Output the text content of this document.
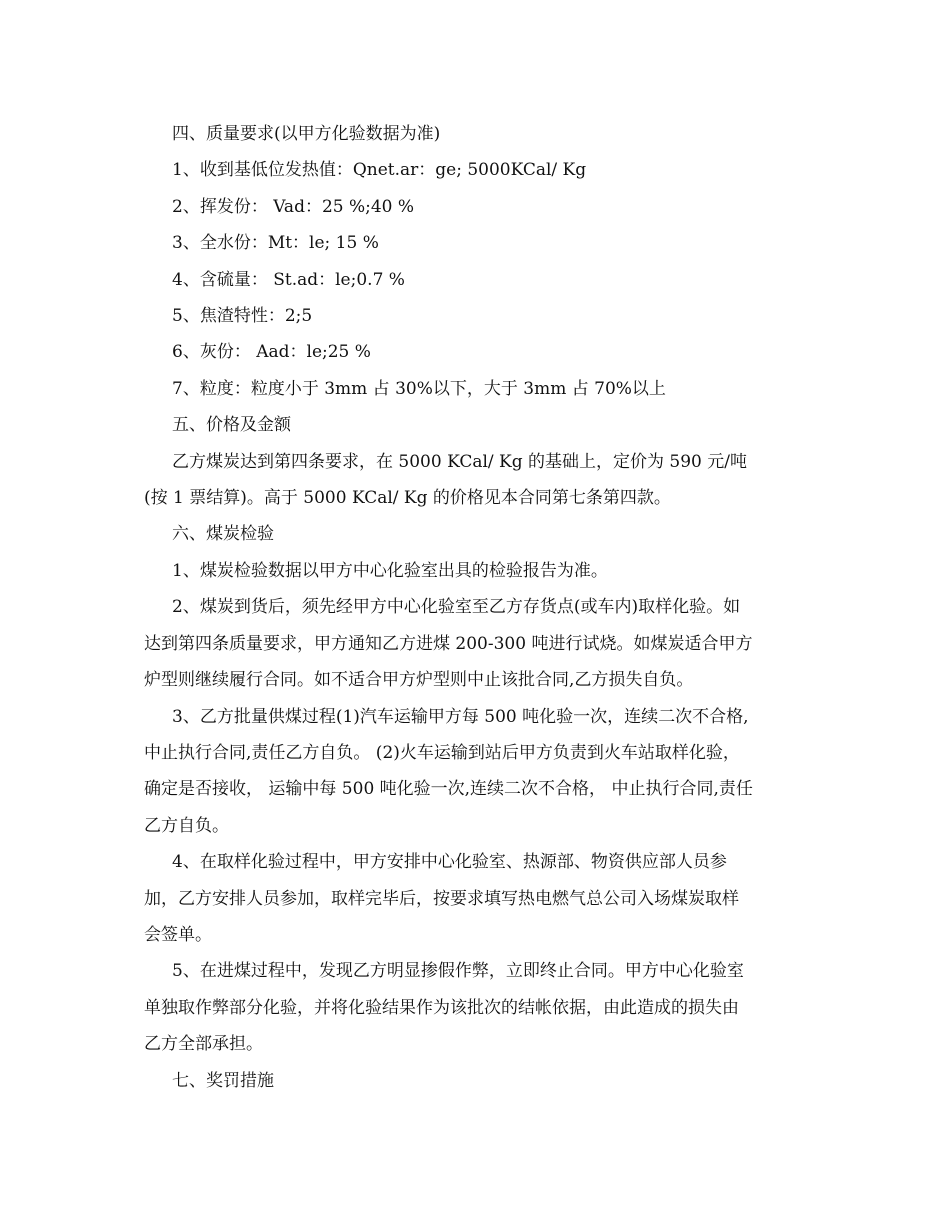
四、质量要求(以甲方化验数据为准)

1、收到基低位发热值：Qnet.ar：ge; 5000KCal/ Kg

2、挥发份： Vad：25 %;40 %

3、全水份：Mt：le; 15 %

4、含硫量： St.ad：le;0.7 %

5、焦渣特性：2;5

6、灰份： Aad：le;25 %

7、粒度：粒度小于 3mm 占 30%以下，大于 3mm 占 70%以上

五、价格及金额

乙方煤炭达到第四条要求，在 5000 KCal/ Kg 的基础上，定价为 590 元/吨

(按 1 票结算)。高于 5000 KCal/ Kg 的价格见本合同第七条第四款。

六、煤炭检验

1、煤炭检验数据以甲方中心化验室出具的检验报告为准。

2、煤炭到货后，须先经甲方中心化验室至乙方存货点(或车内)取样化验。如

达到第四条质量要求，甲方通知乙方进煤 200-300 吨进行试烧。如煤炭适合甲方

炉型则继续履行合同。如不适合甲方炉型则中止该批合同,乙方损失自负。

3、乙方批量供煤过程(1)汽车运输甲方每 500 吨化验一次，连续二次不合格,

中止执行合同,责任乙方自负。 (2)火车运输到站后甲方负责到火车站取样化验，

确定是否接收， 运输中每 500 吨化验一次,连续二次不合格， 中止执行合同,责任

乙方自负。

4、在取样化验过程中，甲方安排中心化验室、热源部、物资供应部人员参

加，乙方安排人员参加，取样完毕后，按要求填写热电燃气总公司入场煤炭取样

会签单。

5、在进煤过程中，发现乙方明显掺假作弊，立即终止合同。甲方中心化验室

单独取作弊部分化验，并将化验结果作为该批次的结帐依据，由此造成的损失由

乙方全部承担。

七、奖罚措施
